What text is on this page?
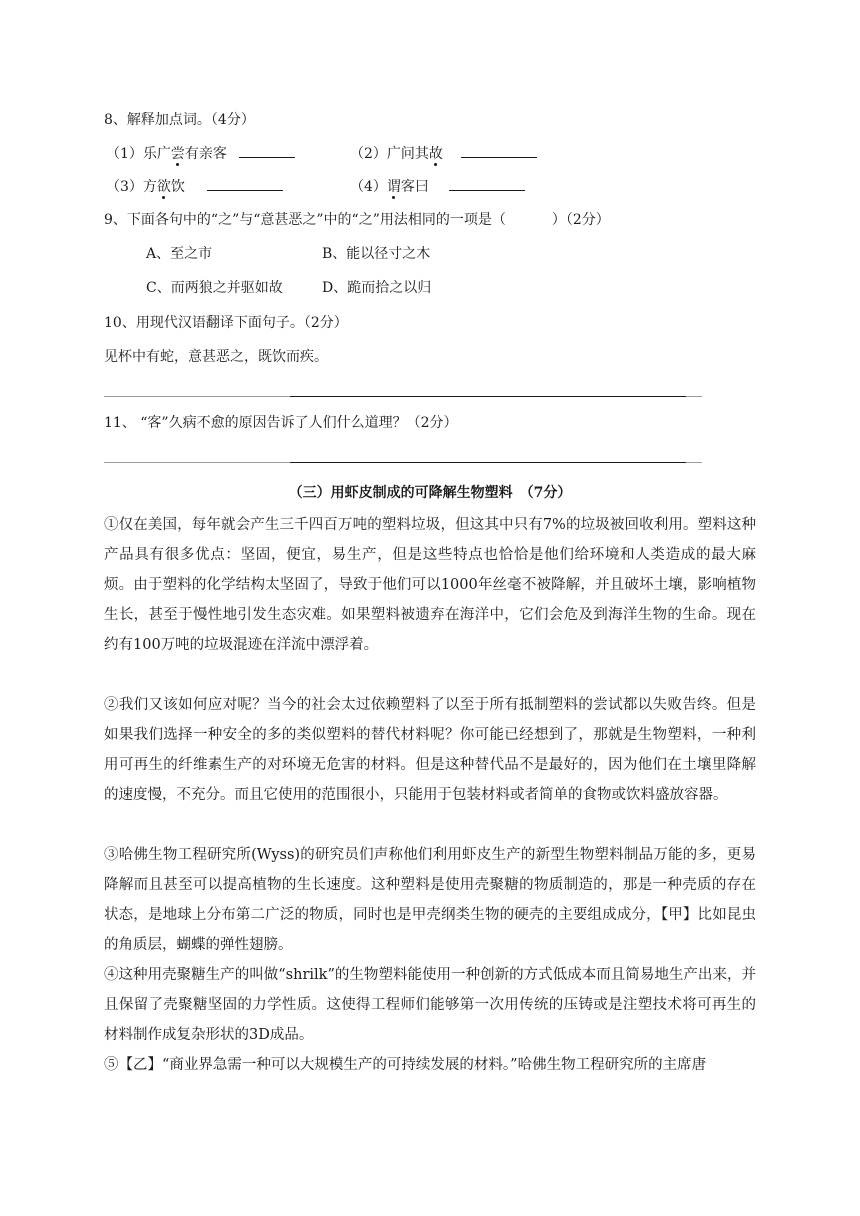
8、解释加点词。（4分）
（1）乐广尝有亲客	（2）广问其故
（3）方欲饮	（4）谓客曰
9、下面各句中的“之”与“意甚恶之”中的“之”用法相同的一项是（	）（2分）
A、至之市	B、能以径寸之木
C、而两狼之并驱如故	D、跪而拾之以归
10、用现代汉语翻译下面句子。（2分）
见杯中有蛇，意甚恶之，既饮而疾。
11、 “客”久病不愈的原因告诉了人们什么道理？（2分）
（三）用虾皮制成的可降解生物塑料　（7分）
①仅在美国，每年就会产生三千四百万吨的塑料垃圾，但这其中只有7%的垃圾被回收利用。塑料这种产品具有很多优点：坚固，便宜，易生产，但是这些特点也恰恰是他们给环境和人类造成的最大麻烦。由于塑料的化学结构太坚固了，导致于他们可以1000年丝毫不被降解，并且破坏土壤，影响植物生长，甚至于慢性地引发生态灾难。如果塑料被遗弃在海洋中，它们会危及到海洋生物的生命。现在约有100万吨的垃圾混迹在洋流中漂浮着。
②我们又该如何应对呢？当今的社会太过依赖塑料了以至于所有抵制塑料的尝试都以失败告终。但是如果我们选择一种安全的多的类似塑料的替代材料呢？你可能已经想到了，那就是生物塑料，一种利用可再生的纤维素生产的对环境无危害的材料。但是这种替代品不是最好的，因为他们在土壤里降解的速度慢，不充分。而且它使用的范围很小，只能用于包装材料或者简单的食物或饮料盛放容器。
③哈佛生物工程研究所(Wyss)的研究员们声称他们利用虾皮生产的新型生物塑料制品万能的多，更易降解而且甚至可以提高植物的生长速度。这种塑料是使用壳聚糖的物质制造的，那是一种壳质的存在状态，是地球上分布第二广泛的物质，同时也是甲壳纲类生物的硬壳的主要组成成分，【甲】比如昆虫的角质层，蝴蝶的弹性翅膀。
④这种用壳聚糖生产的叫做“shrilk”的生物塑料能使用一种创新的方式低成本而且简易地生产出来，并且保留了壳聚糖坚固的力学性质。这使得工程师们能够第一次用传统的压铸或是注塑技术将可再生的材料制作成复杂形状的3D成品。
⑤【乙】“商业界急需一种可以大规模生产的可持续发展的材料。”哈佛生物工程研究所的主席唐
